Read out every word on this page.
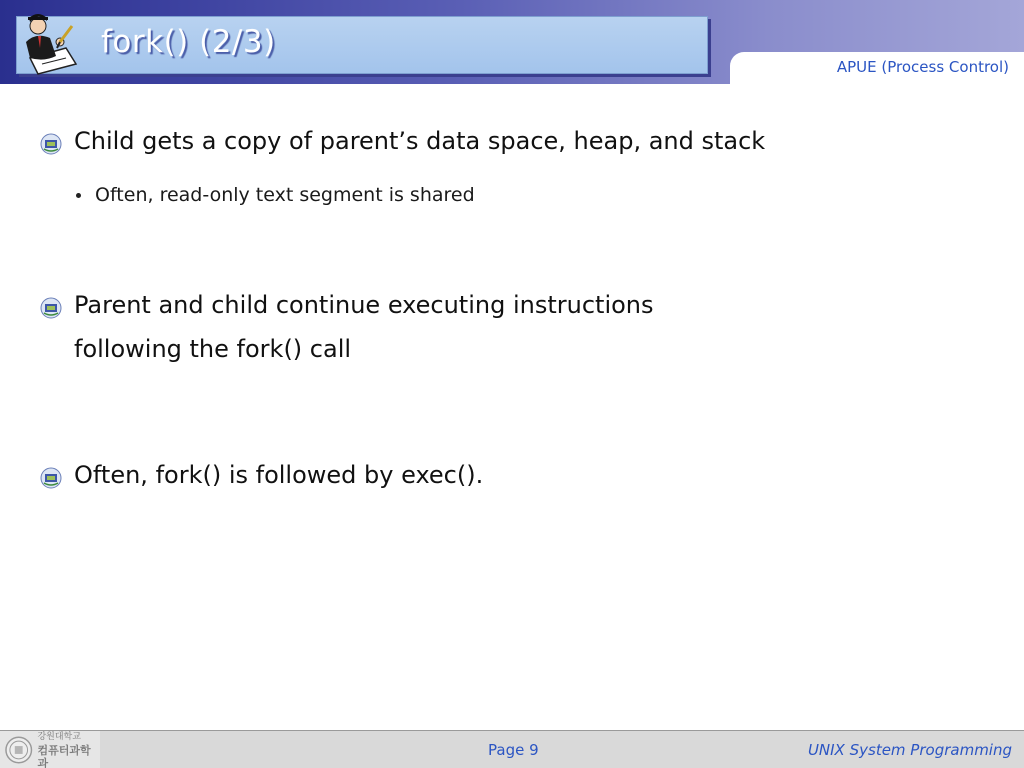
fork() (2/3)
APUE (Process Control)
Child gets a copy of parent’s data space, heap, and stack
Often, read-only text segment is shared
Parent and child continue executing instructions
following the fork() call
Often, fork() is followed by exec().
강원대학교
컴퓨터과학과
Page 9	UNIX System Programming
